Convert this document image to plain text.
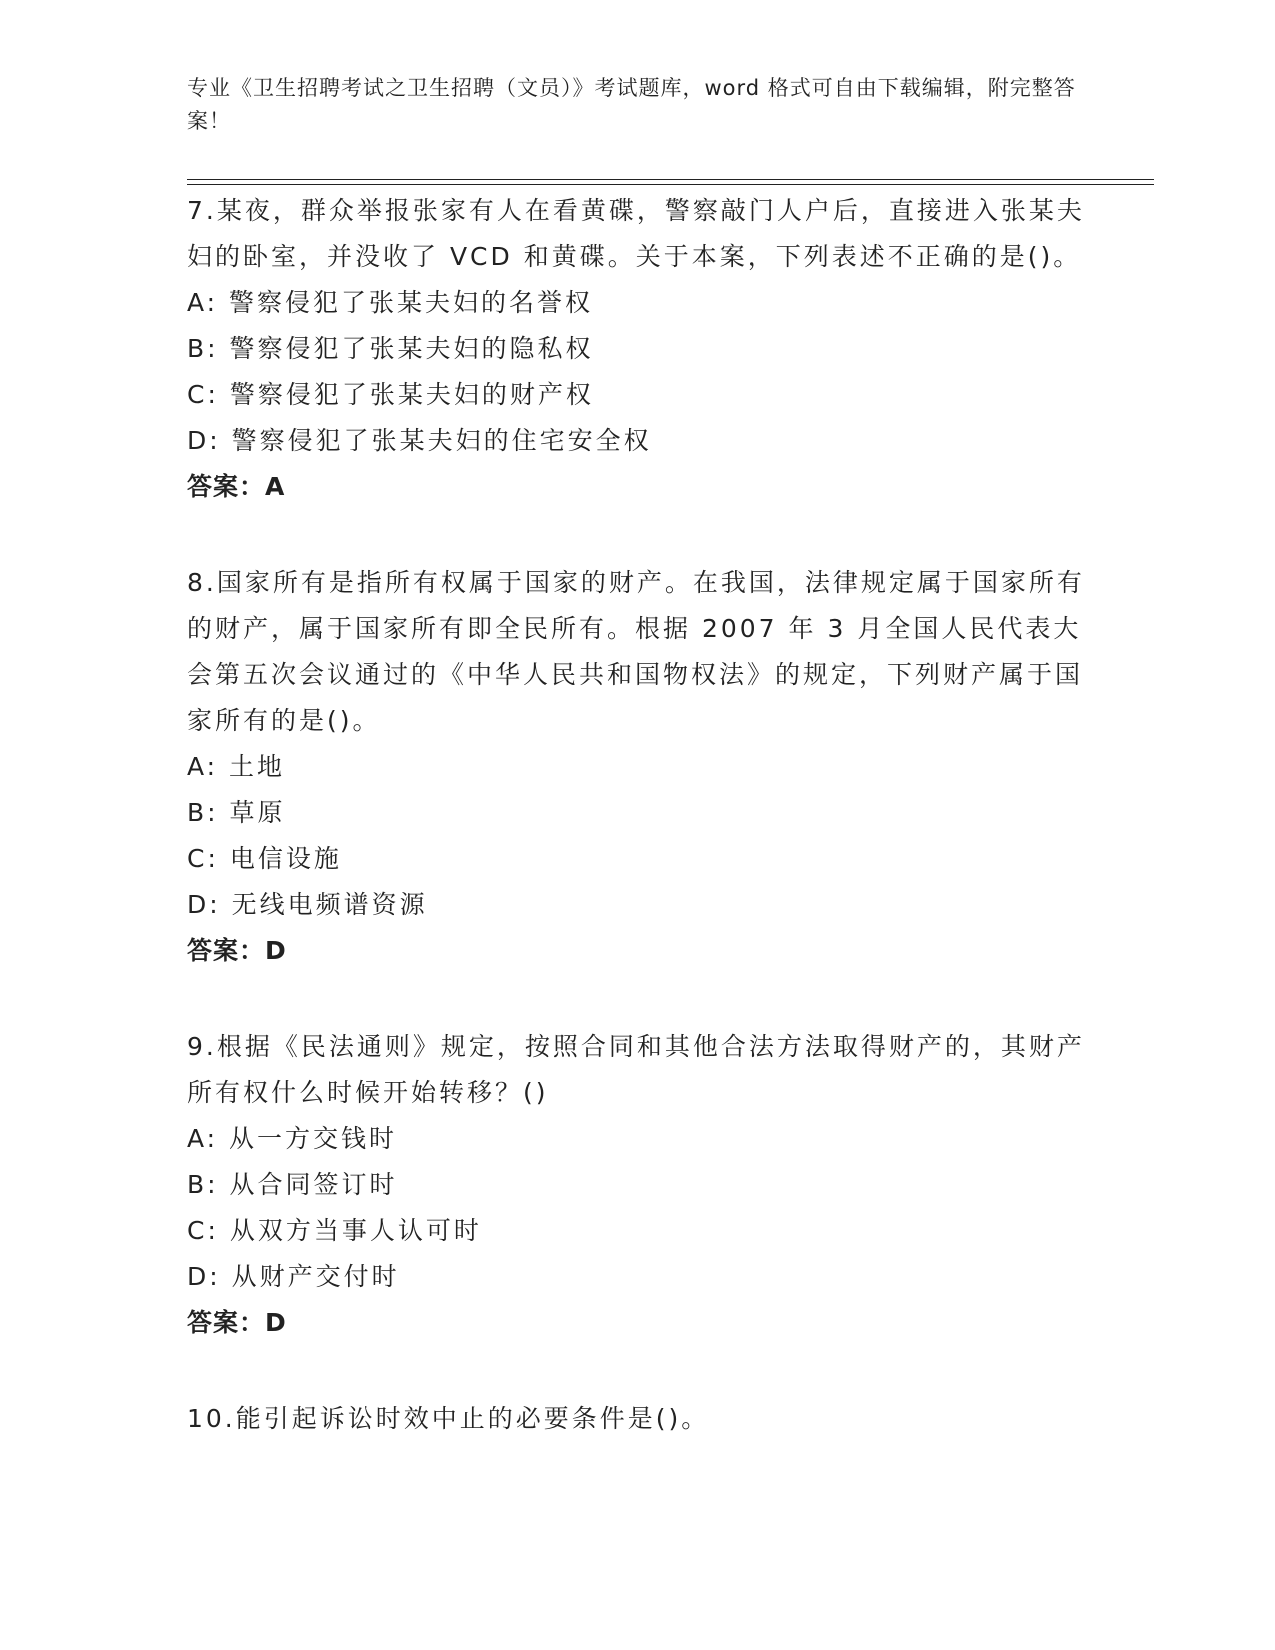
专业《卫生招聘考试之卫生招聘（文员）》考试题库，word 格式可自由下载编辑，附完整答案！
7.某夜，群众举报张家有人在看黄碟，警察敲门人户后，直接进入张某夫妇的卧室，并没收了 VCD 和黄碟。关于本案，下列表述不正确的是()。
A: 警察侵犯了张某夫妇的名誉权
B: 警察侵犯了张某夫妇的隐私权
C: 警察侵犯了张某夫妇的财产权
D: 警察侵犯了张某夫妇的住宅安全权
答案：A
8.国家所有是指所有权属于国家的财产。在我国，法律规定属于国家所有的财产，属于国家所有即全民所有。根据 2007 年 3 月全国人民代表大会第五次会议通过的《中华人民共和国物权法》的规定，下列财产属于国家所有的是()。
A: 土地
B: 草原
C: 电信设施
D: 无线电频谱资源
答案：D
9.根据《民法通则》规定，按照合同和其他合法方法取得财产的，其财产所有权什么时候开始转移？()
A: 从一方交钱时
B: 从合同签订时
C: 从双方当事人认可时
D: 从财产交付时
答案：D
10.能引起诉讼时效中止的必要条件是()。
